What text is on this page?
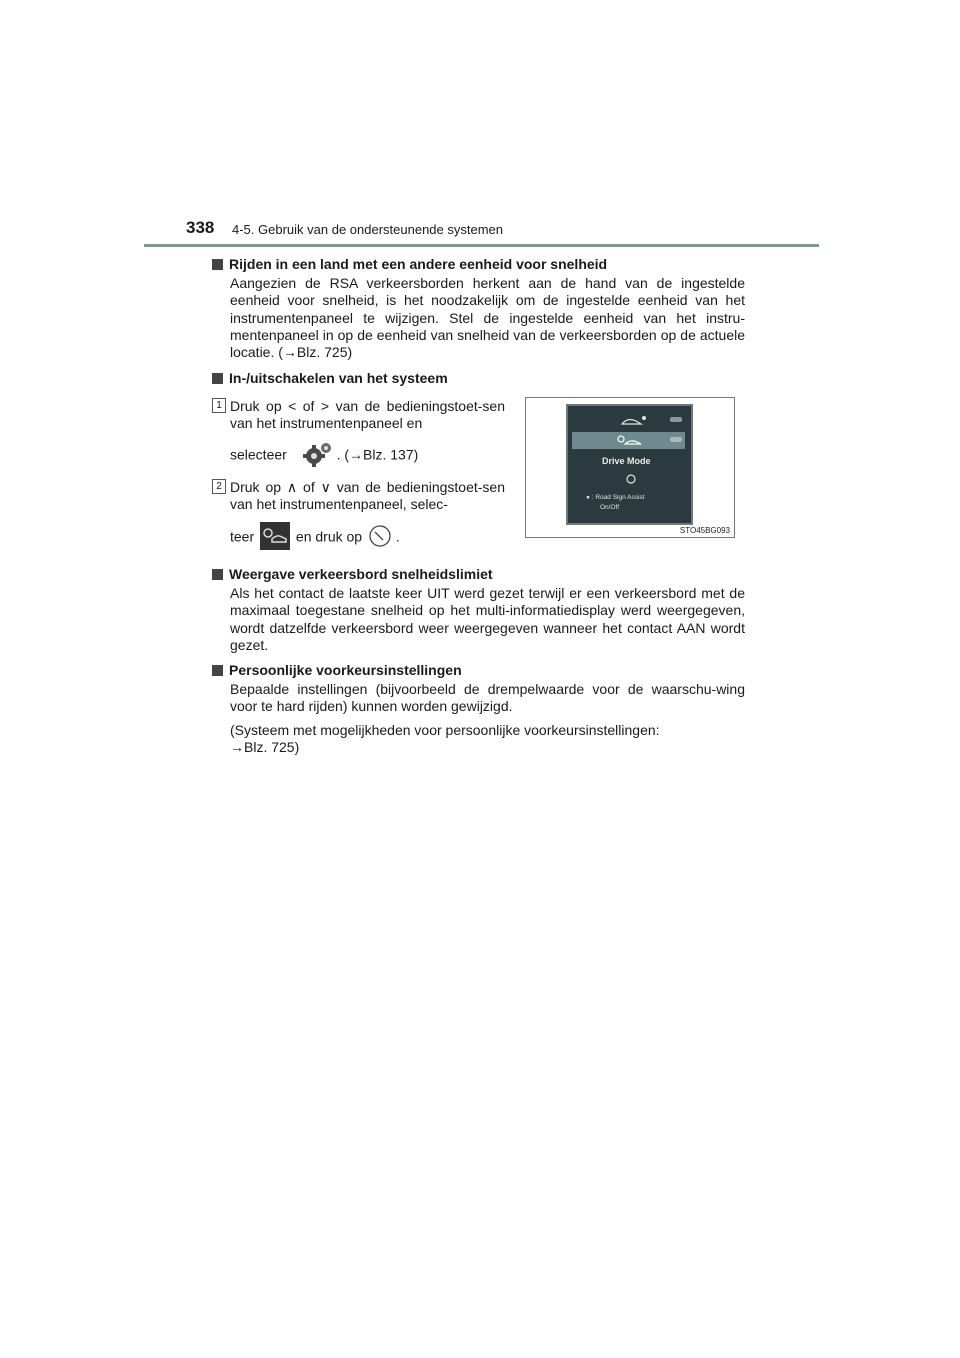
338 4-5. Gebruik van de ondersteunende systemen
Rijden in een land met een andere eenheid voor snelheid
Aangezien de RSA verkeersborden herkent aan de hand van de ingestelde eenheid voor snelheid, is het noodzakelijk om de ingestelde eenheid van het instrumentenpaneel te wijzigen. Stel de ingestelde eenheid van het instru-mentenpaneel in op de eenheid van snelheid van de verkeersborden op de actuele locatie. (→Blz. 725)
In-/uitschakelen van het systeem
1 Druk op < of > van de bedieningstoet-sen van het instrumentenpaneel en
selecteer	. (→Blz. 137)
2 Druk op ∧ of ∨ van de bedieningstoet-sen van het instrumentenpaneel, selec-
teer	en druk op .
Drive Mode
● : Road Sign Assist
On/Off
STO45BG093
Weergave verkeersbord snelheidslimiet
Als het contact de laatste keer UIT werd gezet terwijl er een verkeersbord met de maximaal toegestane snelheid op het multi-informatiedisplay werd weergegeven, wordt datzelfde verkeersbord weer weergegeven wanneer het contact AAN wordt gezet.
Persoonlijke voorkeursinstellingen
Bepaalde instellingen (bijvoorbeeld de drempelwaarde voor de waarschu-wing voor te hard rijden) kunnen worden gewijzigd.
(Systeem met mogelijkheden voor persoonlijke voorkeursinstellingen:
→Blz. 725)
